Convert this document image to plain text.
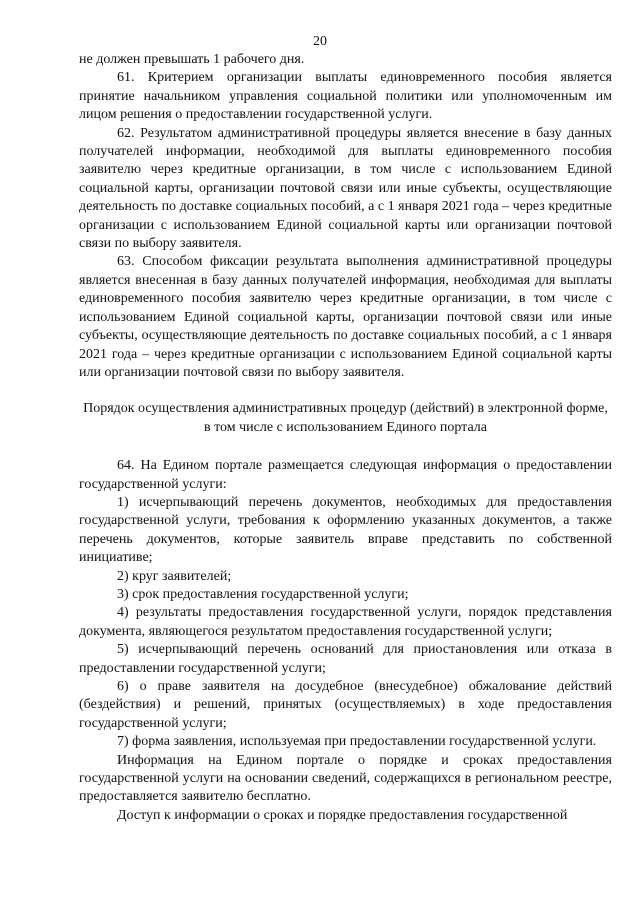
20

не должен превышать 1 рабочего дня.

61. Критерием организации выплаты единовременного пособия является принятие начальником управления социальной политики или уполномоченным им лицом решения о предоставлении государственной услуги.

62. Результатом административной процедуры является внесение в базу данных получателей информации, необходимой для выплаты единовременного пособия заявителю через кредитные организации, в том числе с использованием Единой социальной карты, организации почтовой связи или иные субъекты, осуществляющие деятельность по доставке социальных пособий, а с 1 января 2021 года – через кредитные организации с использованием Единой социальной карты или организации почтовой связи по выбору заявителя.

63. Способом фиксации результата выполнения административной процедуры является внесенная в базу данных получателей информация, необходимая для выплаты единовременного пособия заявителю через кредитные организации, в том числе с использованием Единой социальной карты, организации почтовой связи или иные субъекты, осуществляющие деятельность по доставке социальных пособий, а с 1 января 2021 года – через кредитные организации с использованием Единой социальной карты или организации почтовой связи по выбору заявителя.

Порядок осуществления административных процедур (действий) в электронной форме, в том числе с использованием Единого портала

64. На Едином портале размещается следующая информация о предоставлении государственной услуги:

1) исчерпывающий перечень документов, необходимых для предоставления государственной услуги, требования к оформлению указанных документов, а также перечень документов, которые заявитель вправе представить по собственной инициативе;

2) круг заявителей;

3) срок предоставления государственной услуги;

4) результаты предоставления государственной услуги, порядок представления документа, являющегося результатом предоставления государственной услуги;

5) исчерпывающий перечень оснований для приостановления или отказа в предоставлении государственной услуги;

6) о праве заявителя на досудебное (внесудебное) обжалование действий (бездействия) и решений, принятых (осуществляемых) в ходе предоставления государственной услуги;

7) форма заявления, используемая при предоставлении государственной услуги.

Информация на Едином портале о порядке и сроках предоставления государственной услуги на основании сведений, содержащихся в региональном реестре, предоставляется заявителю бесплатно.

Доступ к информации о сроках и порядке предоставления государственной
